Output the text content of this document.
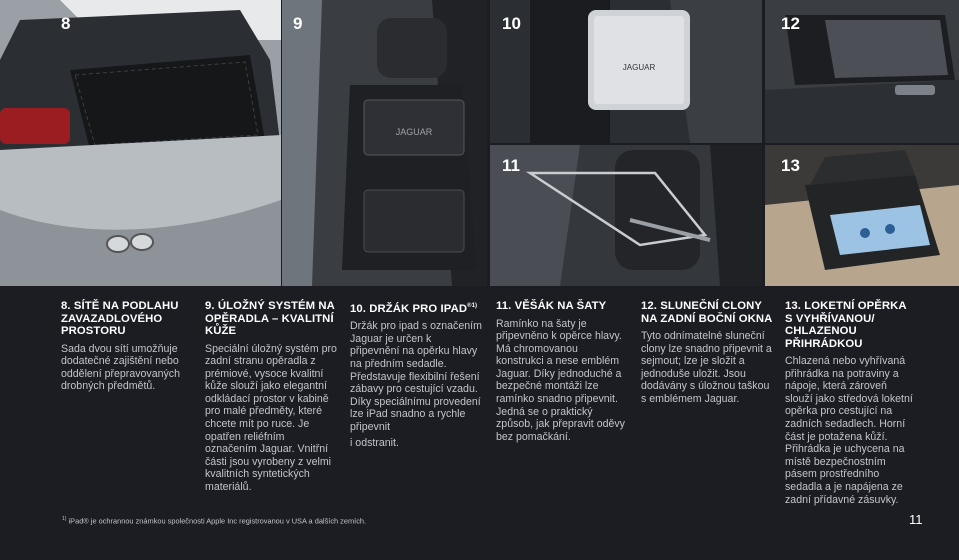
8
JAGUAR
9
JAGUAR
10
11
12
13
8. SÍTĚ NA PODLAHU ZAVAZADLOVÉHO PROSTORU

Sada dvou sítí umožňuje dodatečné zajištění nebo oddělení přepravovaných drobných předmětů.

9. ÚLOŽNÝ SYSTÉM NA OPĚRADLA – KVALITNÍ KŮŽE

Speciální úložný systém pro zadní stranu opěradla z prémiové, vysoce kvalitní kůže slouží jako elegantní odkládací prostor v kabině pro malé předměty, které chcete mít po ruce. Je opatřen reliéfním označením Jaguar. Vnitřní části jsou vyrobeny z velmi kvalitních syntetických materiálů.

10. DRŽÁK PRO $IPAD^{®1)}$

Držák pro ipad s označením Jaguar je určen k připevnění na opěrku hlavy na předním sedadle. Představuje flexibilní řešení zábavy pro cestující vzadu. Díky speciálnímu provedení lze iPad snadno a rychle připevnit

i odstranit.

11. VĚŠÁK NA ŠATY

Ramínko na šaty je připevněno k opěrce hlavy. Má chromovanou konstrukci a nese emblém Jaguar. Díky jednoduché a bezpečné montáži lze ramínko snadno připevnit. Jedná se o praktický způsob, jak přepravit oděvy bez pomačkání.

12. SLUNEČNÍ CLONY NA ZADNÍ BOČNÍ OKNA

Tyto odnímatelné sluneční clony lze snadno připevnit a sejmout; lze je složit a jednoduše uložit. Jsou dodávány s úložnou taškou s emblémem Jaguar.

13. LOKETNÍ OPĚRKA S VYHŘÍVANOU/ CHLAZENOU PŘIHRÁDKOU

Chlazená nebo vyhřívaná přihrádka na potraviny a nápoje, která zároveň slouží jako středová loketní opěrka pro cestující na zadních sedadlech. Horní část je potažena kůží. Přihrádka je uchycena na místě bezpečnostním pásem prostředního sedadla a je napájena ze zadní přídavné zásuvky.

$^{1)}$ iPad® je ochrannou známkou společnosti Apple Inc registrovanou v USA a dalších zemích.	11
